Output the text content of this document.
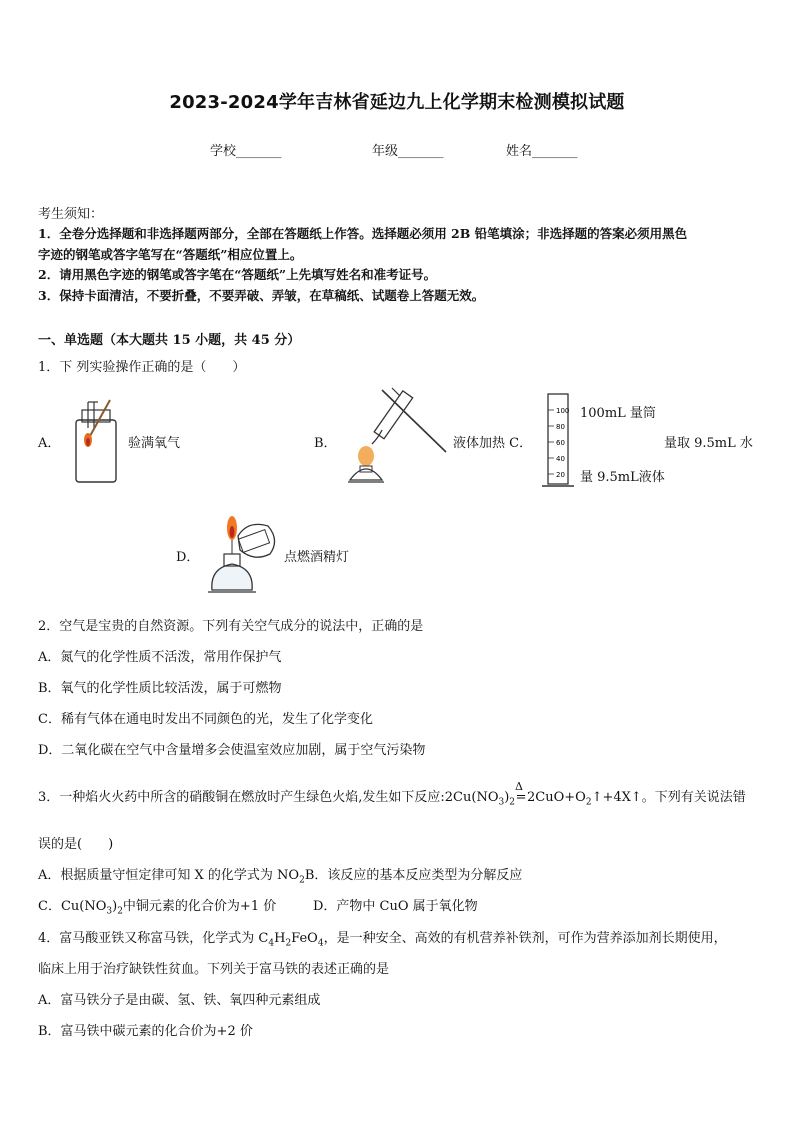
2023-2024学年吉林省延边九上化学期末检测模拟试题
学校_______	年级_______	姓名_______
考生须知：
1．全卷分选择题和非选择题两部分，全部在答题纸上作答。选择题必须用 2B 铅笔填涂；非选择题的答案必须用黑色
字迹的钢笔或答字笔写在“答题纸”相应位置上。
2．请用黑色字迹的钢笔或答字笔在“答题纸”上先填写姓名和准考证号。
3．保持卡面清洁，不要折叠，不要弄破、弄皱，在草稿纸、试题卷上答题无效。
一、单选题（本大题共 15 小题，共 45 分）
1．下 列实验操作正确的是（　　）
A．	验满氧气	B．	液体加热 C．
100
80
60
40
20
100mL 量筒
量取 9.5mL 水
量 9.5mL液体
D．	点燃酒精灯
2．空气是宝贵的自然资源。下列有关空气成分的说法中，正确的是
A．氮气的化学性质不活泼，常用作保护气
B．氧气的化学性质比较活泼，属于可燃物
C．稀有气体在通电时发出不同颜色的光，发生了化学变化
D．二氧化碳在空气中含量增多会使温室效应加剧，属于空气污染物
3．一种焰火火药中所含的硝酸铜在燃放时产生绿色火焰,发生如下反应$:2Cu(NO_3)_2$
Δ
$=2CuO+O_2↑+4X↑$。下列有关说法错
误的是(　　)
A．根据质量守恒定律可知 X 的化学式为 $NO_2B$．该反应的基本反应类型为分解反应
C．$Cu(NO_3)_2$中铜元素的化合价为+1 价	D．产物中 CuO 属于氧化物
4．富马酸亚铁又称富马铁，化学式为 $C_4H_2FeO_4$，是一种安全、高效的有机营养补铁剂，可作为营养添加剂长期使用，
临床上用于治疗缺铁性贫血。下列关于富马铁的表述正确的是
A．富马铁分子是由碳、氢、铁、氧四种元素组成
B．富马铁中碳元素的化合价为+2 价
